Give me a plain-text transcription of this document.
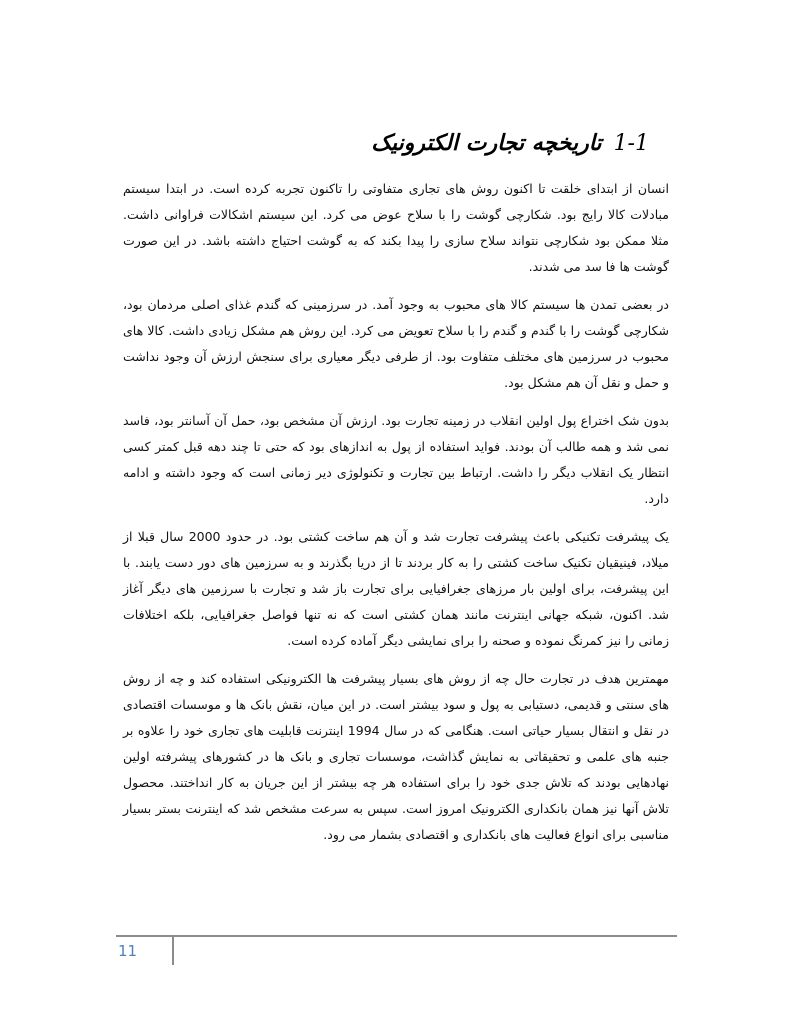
1-1تاریخچه تجارت الکترونیک

انسان از ابتدای خلقت تا اکنون روش های تجاری متفاوتی را تاکنون تجربه کرده است. در ابتدا سیستم مبادلات کالا رایج بود. شکارچی گوشت را با سلاح عوض می کرد. این سیستم اشکالات فراوانی داشت. مثلا ممکن بود شکارچی نتواند سلاح سازی را پیدا بکند که به گوشت احتیاج داشته باشد. در این صورت گوشت ها فا سد می شدند.

در بعضی تمدن ها سیستم کالا های محبوب به وجود آمد. در سرزمینی که گندم غذای اصلی مردمان بود، شکارچی گوشت را با گندم و گندم را با سلاح تعویض می کرد. این روش هم مشکل زیادی داشت. کالا های محبوب در سرزمین های مختلف متفاوت بود. از طرفی دیگر معیاری برای سنجش ارزش آن وجود نداشت و حمل و نقل آن هم مشکل بود.

بدون شک اختراع پول اولین انقلاب در زمینه تجارت بود. ارزش آن مشخص بود، حمل آن آسانتر بود، فاسد نمی شد و همه طالب آن بودند. فواید استفاده از پول به اندازهای بود که حتی تا چند دهه قبل کمتر کسی انتظار یک انقلاب دیگر را داشت. ارتباط بین تجارت و تکنولوژی دیر زمانی است که وجود داشته و ادامه دارد.

یک پیشرفت تکنیکی باعث پیشرفت تجارت شد و آن هم ساخت کشتی بود. در حدود 2000 سال قبلا از میلاد، فینیقیان تکنیک ساخت کشتی را به کار بردند تا از دریا بگذرند و به سرزمین های دور دست یابند. با این پیشرفت، برای اولین بار مرزهای جغرافیایی برای تجارت باز شد و تجارت با سرزمین های دیگر آغاز شد. اکنون، شبکه جهانی اینترنت مانند همان کشتی است که نه تنها فواصل جغرافیایی، بلکه اختلافات زمانی را نیز کمرنگ نموده و صحنه را برای نمایشی دیگر آماده کرده است.

مهمترین هدف در تجارت حال چه از روش های بسیار پیشرفت ها الکترونیکی استفاده کند و چه از روش های سنتی و قدیمی، دستیابی به پول و سود بیشتر است. در این میان، نقش بانک ها و موسسات اقتصادی در نقل و انتقال بسیار حیاتی است. هنگامی که در سال 1994 اینترنت قابلیت های تجاری خود را علاوه بر جنبه های علمی و تحقیقاتی به نمایش گذاشت، موسسات تجاری و بانک ها در کشورهای پیشرفته اولین نهادهایی بودند که تلاش جدی خود را برای استفاده هر چه بیشتر از این جریان به کار انداختند. محصول تلاش آنها نیز همان بانکداری الکترونیک امروز است. سپس به سرعت مشخص شد که اینترنت بستر بسیار مناسبی برای انواع فعالیت های بانکداری و اقتصادی بشمار می رود.

11
